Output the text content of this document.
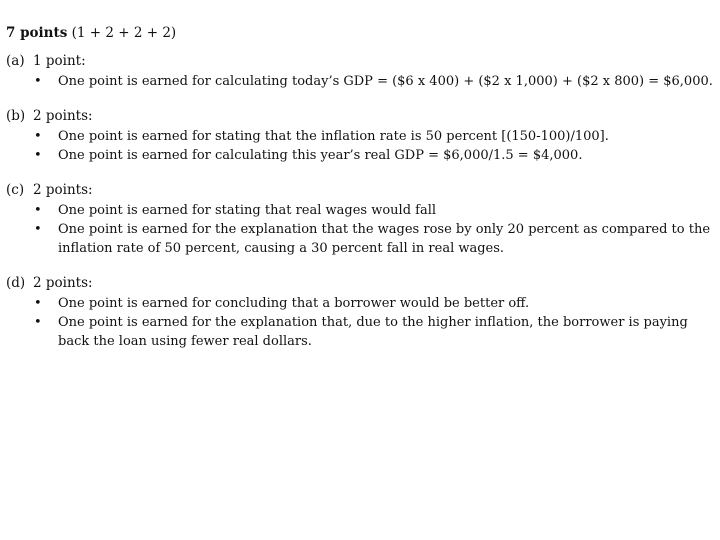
7 points (1 + 2 + 2 + 2)
(a) 1 point:
• One point is earned for calculating today’s GDP = ($6 x 400) + ($2 x 1,000) + ($2 x 800) = $6,000.
(b) 2 points:
• One point is earned for stating that the inflation rate is 50 percent [(150-100)/100].
• One point is earned for calculating this year’s real GDP = $6,000/1.5 = $4,000.
(c) 2 points:
• One point is earned for stating that real wages would fall
• One point is earned for the explanation that the wages rose by only 20 percent as compared to the inflation rate of 50 percent, causing a 30 percent fall in real wages.
(d) 2 points:
• One point is earned for concluding that a borrower would be better off.
• One point is earned for the explanation that, due to the higher inflation, the borrower is paying back the loan using fewer real dollars.
